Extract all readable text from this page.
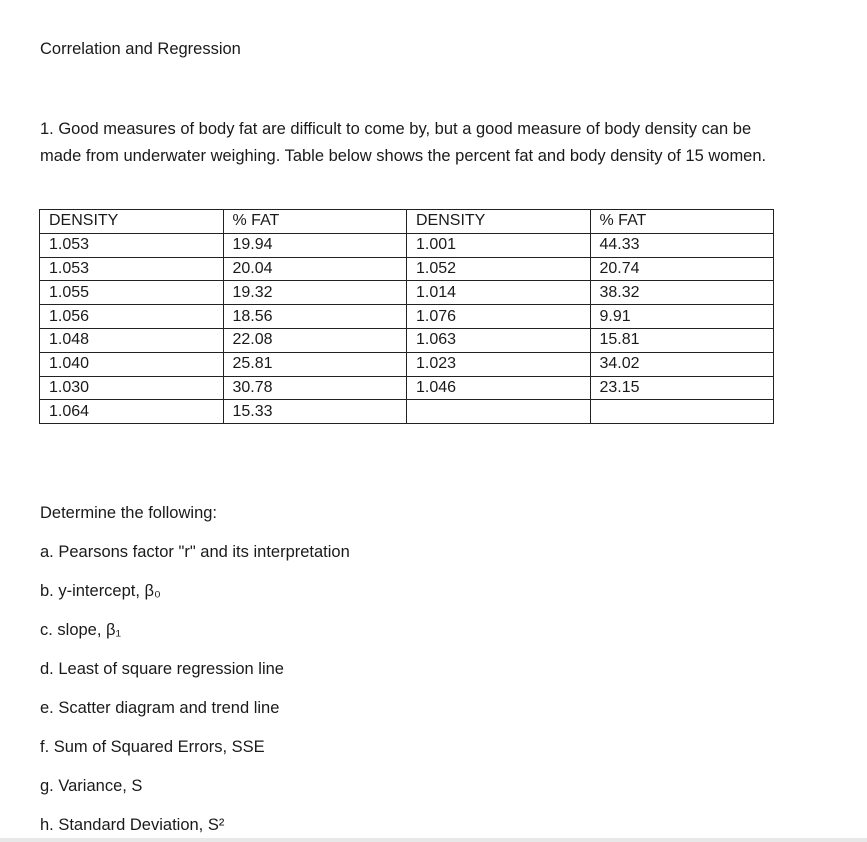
Correlation and Regression
1. Good measures of body fat are difficult to come by, but a good measure of body density can be made from underwater weighing. Table below shows the percent fat and body density of 15 women.
DENSITY	% FAT	DENSITY	% FAT
1.053	19.94	1.001	44.33
1.053	20.04	1.052	20.74
1.055	19.32	1.014	38.32
1.056	18.56	1.076	9.91
1.048	22.08	1.063	15.81
1.040	25.81	1.023	34.02
1.030	30.78	1.046	23.15
1.064	15.33		
Determine the following:
a. Pearsons factor "r" and its interpretation
b. y-intercept, β₀
c. slope, β₁
d. Least of square regression line
e. Scatter diagram and trend line
f. Sum of Squared Errors, SSE
g. Variance, S
h. Standard Deviation, S²
